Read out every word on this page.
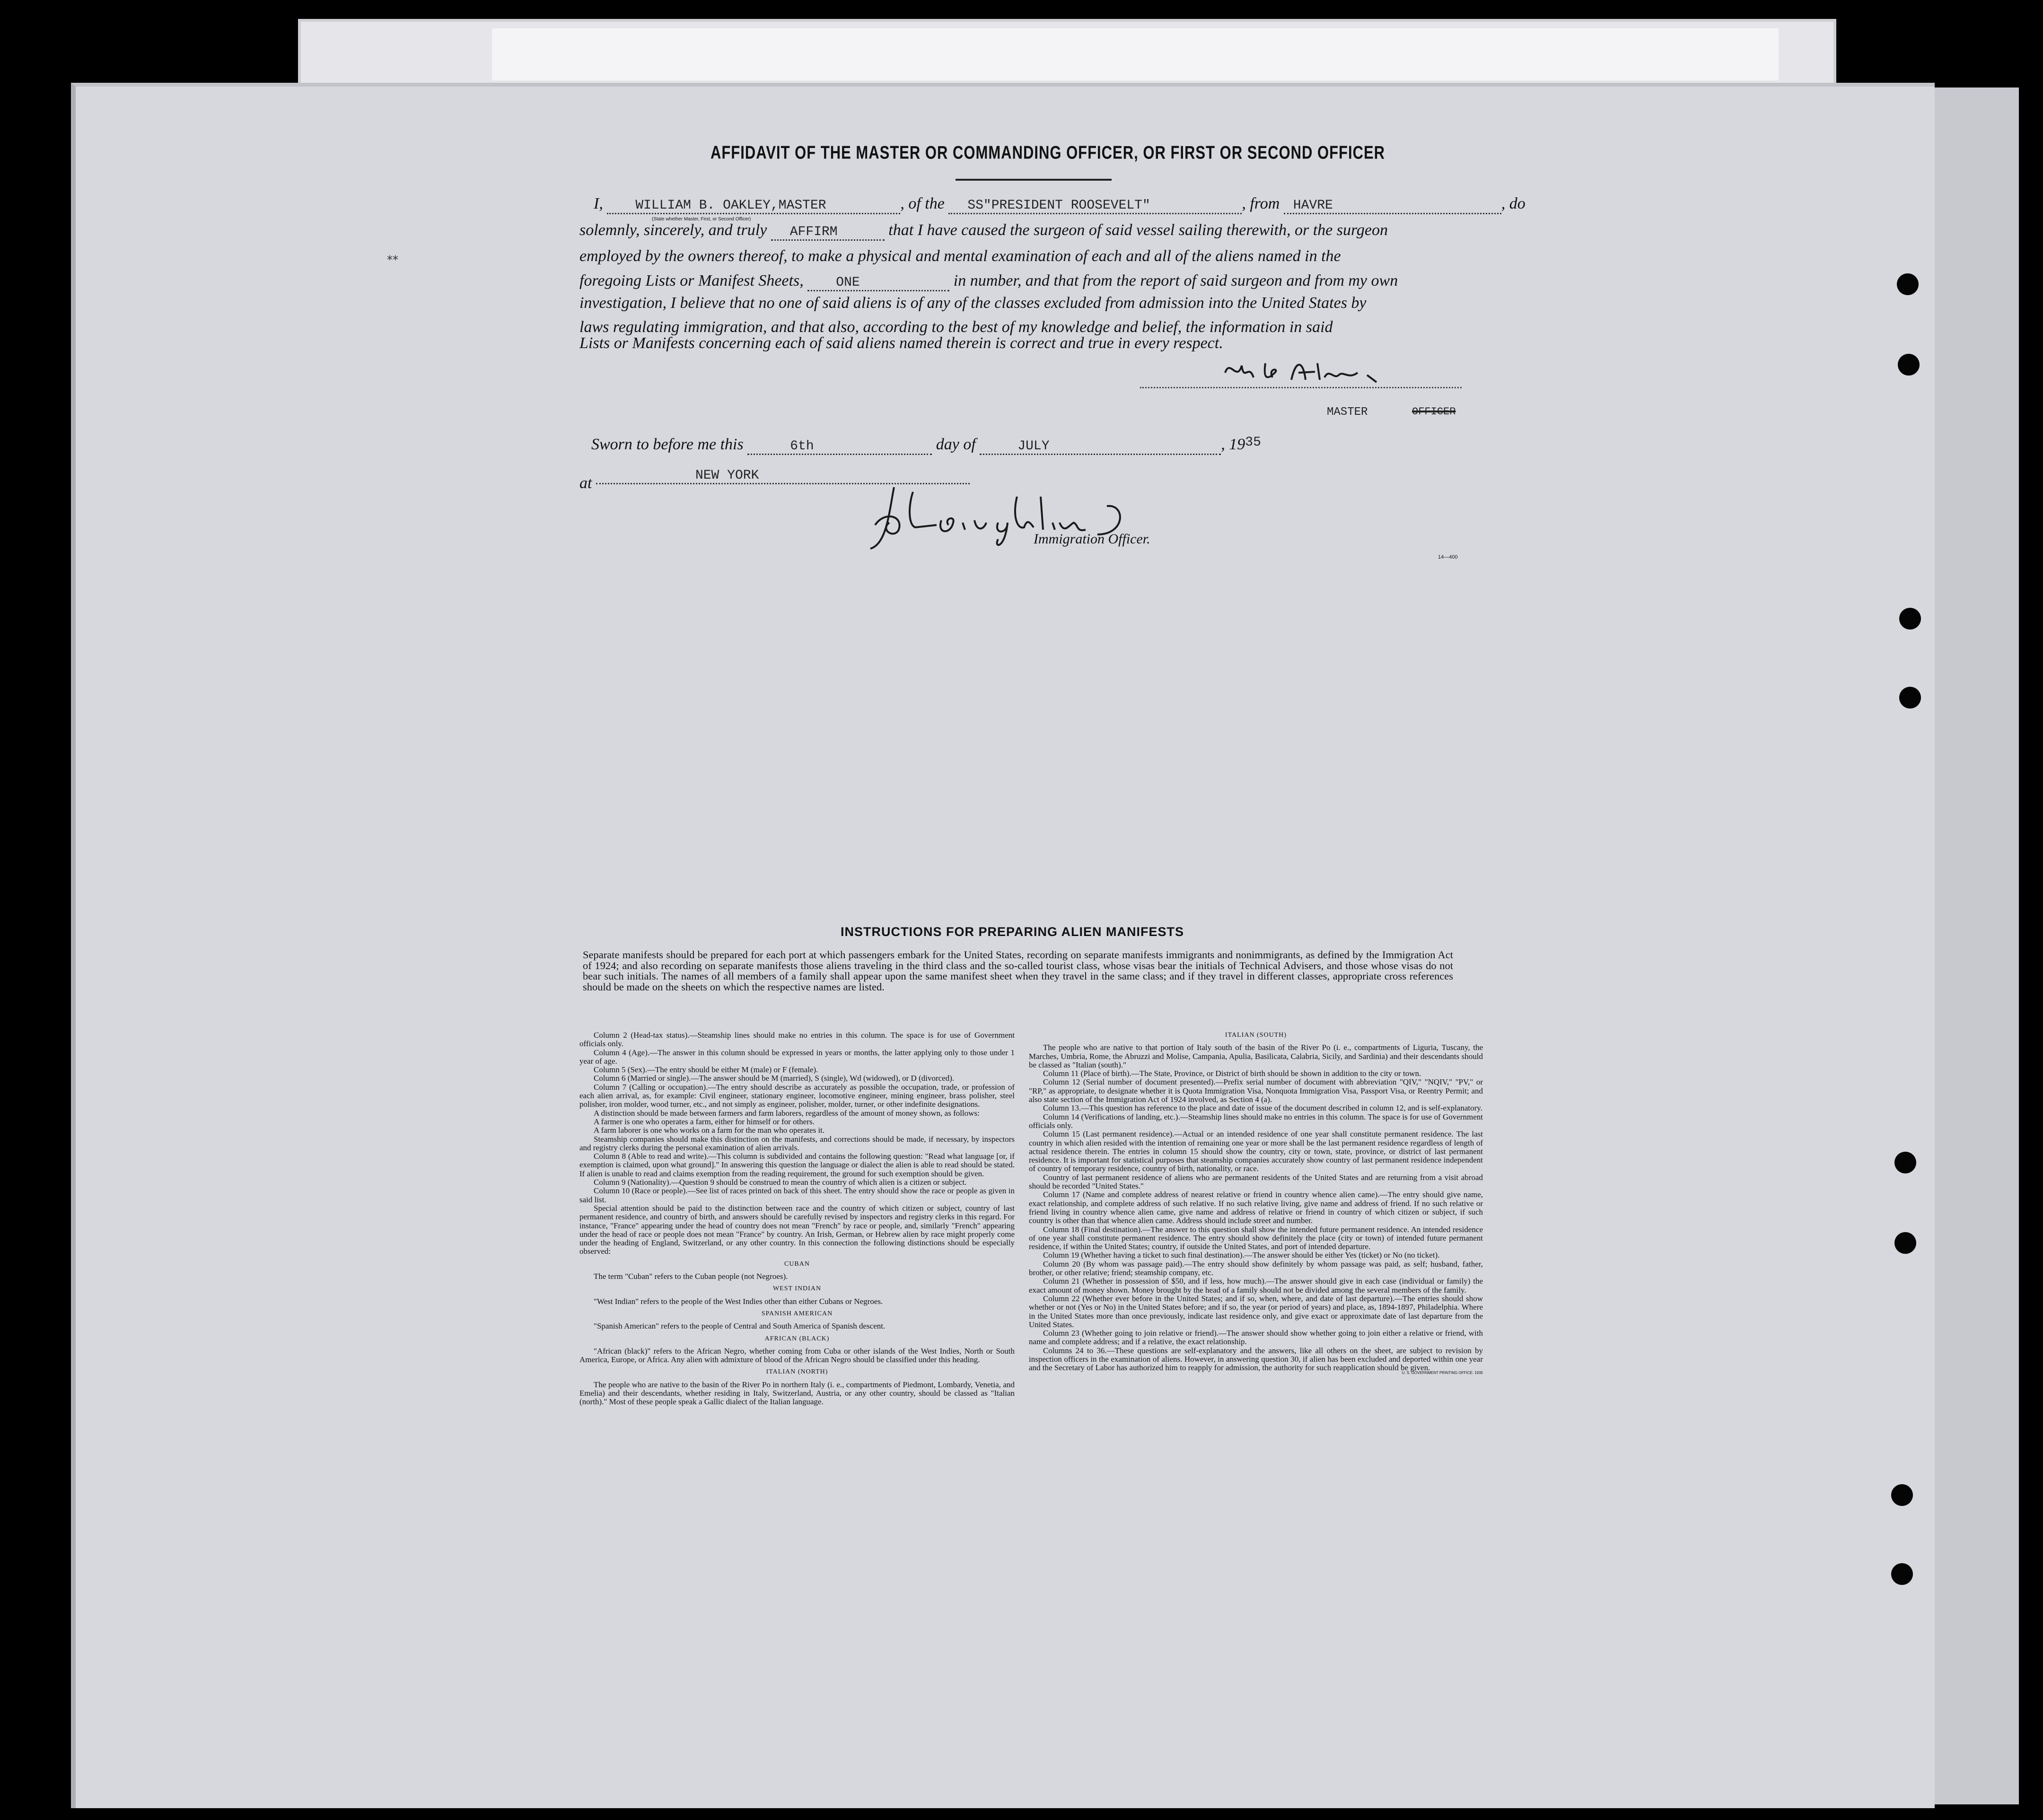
AFFIDAVIT OF THE MASTER OR COMMANDING OFFICER, OR FIRST OR SECOND OFFICER
I, WILLIAM B. OAKLEY,MASTER	, of the SS"PRESIDENT ROOSEVELT"	, from HAVRE	, do
(State whether Master, First, or Second Officer)
solemnly, sincerely, and truly AFFIRM	that I have caused the surgeon of said vessel sailing therewith, or the surgeon
employed by the owners thereof, to make a physical and mental examination of each and all of the aliens named in the
foregoing Lists or Manifest Sheets, ONE	in number, and that from the report of said surgeon and from my own
investigation, I believe that no one of said aliens is of any of the classes excluded from admission into the United States by
laws regulating immigration, and that also, according to the best of my knowledge and belief, the information in said
Lists or Manifests concerning each of said aliens named therein is correct and true in every respect.
MASTER	OFFICER
Sworn to before me this	6th	day of	JULY	, $19^{35}$
at	NEW YORK
Immigration Officer.
14—400
⁎⁎
INSTRUCTIONS FOR PREPARING ALIEN MANIFESTS
Separate manifests should be prepared for each port at which passengers embark for the United States, recording on separate manifests immigrants and nonimmigrants, as defined by the Immigration Act of 1924; and also recording on separate manifests those aliens traveling in the third class and the so-called tourist class, whose visas bear the initials of Technical Advisers, and those whose visas do not bear such initials. The names of all members of a family shall appear upon the same manifest sheet when they travel in the same class; and if they travel in different classes, appropriate cross references should be made on the sheets on which the respective names are listed.

Column 2 (Head-tax status).—Steamship lines should make no entries in this column. The space is for use of Government officials only.

Column 4 (Age).—The answer in this column should be expressed in years or months, the latter applying only to those under 1 year of age.

Column 5 (Sex).—The entry should be either M (male) or F (female).

Column 6 (Married or single).—The answer should be M (married), S (single), Wd (widowed), or D (divorced).

Column 7 (Calling or occupation).—The entry should describe as accurately as possible the occupation, trade, or profession of each alien arrival, as, for example: Civil engineer, stationary engineer, locomotive engineer, mining engineer, brass polisher, steel polisher, iron molder, wood turner, etc., and not simply as engineer, polisher, molder, turner, or other indefinite designations.

A distinction should be made between farmers and farm laborers, regardless of the amount of money shown, as follows:

A farmer is one who operates a farm, either for himself or for others.

A farm laborer is one who works on a farm for the man who operates it.

Steamship companies should make this distinction on the manifests, and corrections should be made, if necessary, by inspectors and registry clerks during the personal examination of alien arrivals.

Column 8 (Able to read and write).—This column is subdivided and contains the following question: "Read what language [or, if exemption is claimed, upon what ground]." In answering this question the language or dialect the alien is able to read should be stated. If alien is unable to read and claims exemption from the reading requirement, the ground for such exemption should be given.

Column 9 (Nationality).—Question 9 should be construed to mean the country of which alien is a citizen or subject.

Column 10 (Race or people).—See list of races printed on back of this sheet. The entry should show the race or people as given in said list.

Special attention should be paid to the distinction between race and the country of which citizen or subject, country of last permanent residence, and country of birth, and answers should be carefully revised by inspectors and registry clerks in this regard. For instance, "France" appearing under the head of country does not mean "French" by race or people, and, similarly "French" appearing under the head of race or people does not mean "France" by country. An Irish, German, or Hebrew alien by race might properly come under the heading of England, Switzerland, or any other country. In this connection the following distinctions should be especially observed:

CUBAN

The term "Cuban" refers to the Cuban people (not Negroes).

WEST INDIAN

"West Indian" refers to the people of the West Indies other than either Cubans or Negroes.

SPANISH AMERICAN

"Spanish American" refers to the people of Central and South America of Spanish descent.

AFRICAN (BLACK)

"African (black)" refers to the African Negro, whether coming from Cuba or other islands of the West Indies, North or South America, Europe, or Africa. Any alien with admixture of blood of the African Negro should be classified under this heading.

ITALIAN (NORTH)

The people who are native to the basin of the River Po in northern Italy (i. e., compartments of Piedmont, Lombardy, Venetia, and Emelia) and their descendants, whether residing in Italy, Switzerland, Austria, or any other country, should be classed as "Italian (north)." Most of these people speak a Gallic dialect of the Italian language.

ITALIAN (SOUTH)

The people who are native to that portion of Italy south of the basin of the River Po (i. e., compartments of Liguria, Tuscany, the Marches, Umbria, Rome, the Abruzzi and Molise, Campania, Apulia, Basilicata, Calabria, Sicily, and Sardinia) and their descendants should be classed as "Italian (south)."

Column 11 (Place of birth).—The State, Province, or District of birth should be shown in addition to the city or town.

Column 12 (Serial number of document presented).—Prefix serial number of document with abbreviation "QIV," "NQIV," "PV," or "RP," as appropriate, to designate whether it is Quota Immigration Visa, Nonquota Immigration Visa, Passport Visa, or Reentry Permit; and also state section of the Immigration Act of 1924 involved, as Section 4 (a).

Column 13.—This question has reference to the place and date of issue of the document described in column 12, and is self-explanatory.

Column 14 (Verifications of landing, etc.).—Steamship lines should make no entries in this column. The space is for use of Government officials only.

Column 15 (Last permanent residence).—Actual or an intended residence of one year shall constitute permanent residence. The last country in which alien resided with the intention of remaining one year or more shall be the last permanent residence regardless of length of actual residence therein. The entries in column 15 should show the country, city or town, state, province, or district of last permanent residence. It is important for statistical purposes that steamship companies accurately show country of last permanent residence independent of country of temporary residence, country of birth, nationality, or race.

Country of last permanent residence of aliens who are permanent residents of the United States and are returning from a visit abroad should be recorded "United States."

Column 17 (Name and complete address of nearest relative or friend in country whence alien came).—The entry should give name, exact relationship, and complete address of such relative. If no such relative living, give name and address of friend. If no such relative or friend living in country whence alien came, give name and address of relative or friend in country of which citizen or subject, if such country is other than that whence alien came. Address should include street and number.

Column 18 (Final destination).—The answer to this question shall show the intended future permanent residence. An intended residence of one year shall constitute permanent residence. The entry should show definitely the place (city or town) of intended future permanent residence, if within the United States; country, if outside the United States, and port of intended departure.

Column 19 (Whether having a ticket to such final destination).—The answer should be either Yes (ticket) or No (no ticket).

Column 20 (By whom was passage paid).—The entry should show definitely by whom passage was paid, as self; husband, father, brother, or other relative; friend; steamship company, etc.

Column 21 (Whether in possession of $50, and if less, how much).—The answer should give in each case (individual or family) the exact amount of money shown. Money brought by the head of a family should not be divided among the several members of the family.

Column 22 (Whether ever before in the United States; and if so, when, where, and date of last departure).—The entries should show whether or not (Yes or No) in the United States before; and if so, the year (or period of years) and place, as, 1894-1897, Philadelphia. Where in the United States more than once previously, indicate last residence only, and give exact or approximate date of last departure from the United States.

Column 23 (Whether going to join relative or friend).—The answer should show whether going to join either a relative or friend, with name and complete address; and if a relative, the exact relationship.

Columns 24 to 36.—These questions are self-explanatory and the answers, like all others on the sheet, are subject to revision by inspection officers in the examination of aliens. However, in answering question 30, if alien has been excluded and deported within one year and the Secretary of Labor has authorized him to reapply for admission, the authority for such reapplication should be given.

U. S. GOVERNMENT PRINTING OFFICE: 1935
